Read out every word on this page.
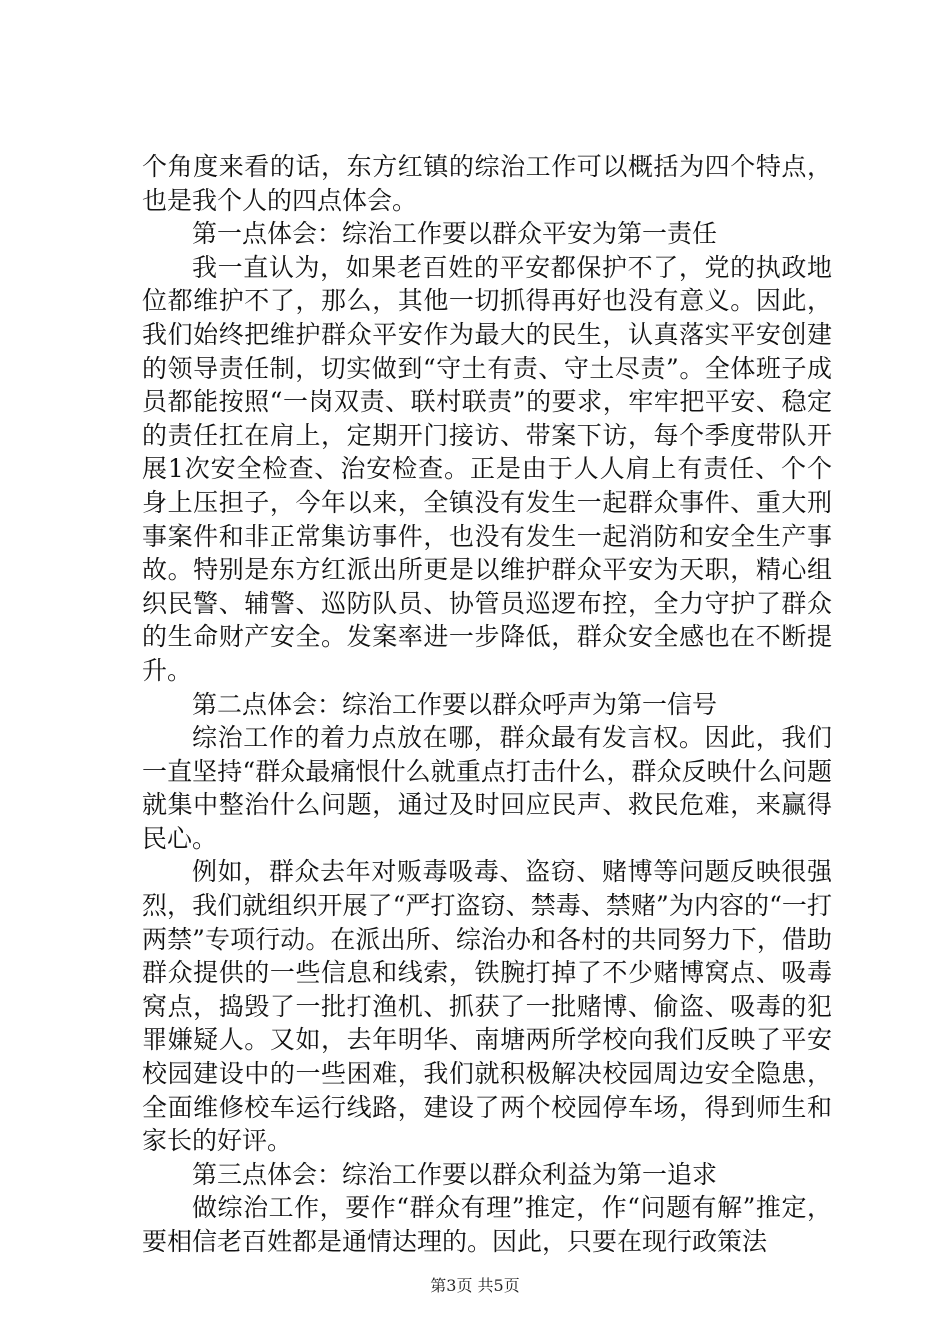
个角度来看的话，东方红镇的综治工作可以概括为四个特点，也是我个人的四点体会。

第一点体会：综治工作要以群众平安为第一责任

我一直认为，如果老百姓的平安都保护不了，党的执政地位都维护不了，那么，其他一切抓得再好也没有意义。因此，我们始终把维护群众平安作为最大的民生，认真落实平安创建的领导责任制，切实做到“守土有责、守土尽责”。全体班子成员都能按照“一岗双责、联村联责”的要求，牢牢把平安、稳定的责任扛在肩上，定期开门接访、带案下访，每个季度带队开展1次安全检查、治安检查。正是由于人人肩上有责任、个个身上压担子，今年以来，全镇没有发生一起群众事件、重大刑事案件和非正常集访事件，也没有发生一起消防和安全生产事故。特别是东方红派出所更是以维护群众平安为天职，精心组织民警、辅警、巡防队员、协管员巡逻布控，全力守护了群众的生命财产安全。发案率进一步降低，群众安全感也在不断提升。

第二点体会：综治工作要以群众呼声为第一信号

综治工作的着力点放在哪，群众最有发言权。因此，我们一直坚持“群众最痛恨什么就重点打击什么，群众反映什么问题就集中整治什么问题，通过及时回应民声、救民危难，来赢得民心。

例如，群众去年对贩毒吸毒、盗窃、赌博等问题反映很强烈，我们就组织开展了“严打盗窃、禁毒、禁赌”为内容的“一打两禁”专项行动。在派出所、综治办和各村的共同努力下，借助群众提供的一些信息和线索，铁腕打掉了不少赌博窝点、吸毒窝点，捣毁了一批打渔机、抓获了一批赌博、偷盗、吸毒的犯罪嫌疑人。又如，去年明华、南塘两所学校向我们反映了平安校园建设中的一些困难，我们就积极解决校园周边安全隐患，全面维修校车运行线路，建设了两个校园停车场，得到师生和家长的好评。

第三点体会：综治工作要以群众利益为第一追求

做综治工作，要作“群众有理”推定，作“问题有解”推定，要相信老百姓都是通情达理的。因此，只要在现行政策法

第3页 共5页
